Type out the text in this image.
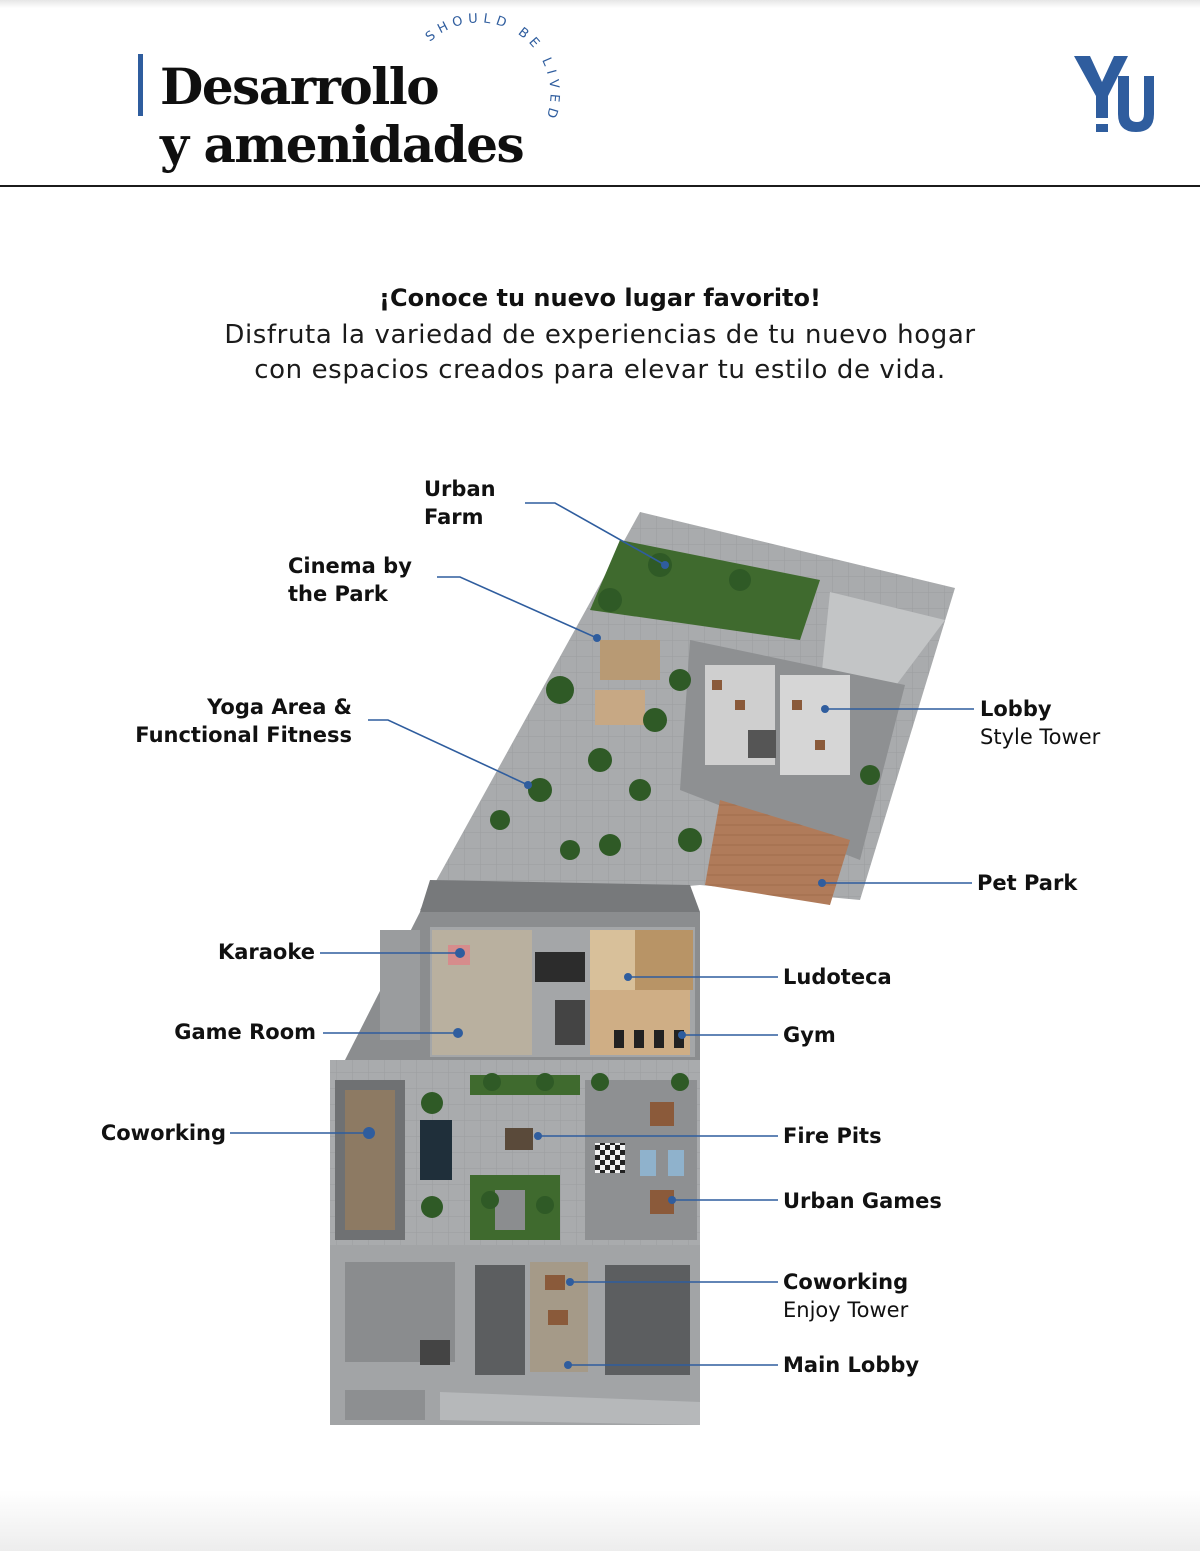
Desarrollo
y amenidades
SHOULD BE LIVED
¡Conoce tu nuevo lugar favorito!
Disfruta la variedad de experiencias de tu nuevo hogar
con espacios creados para elevar tu estilo de vida.
Urban
Farm
Cinema by
the Park
Yoga Area &
Functional Fitness
Lobby
Style Tower
Pet Park
Karaoke
Ludoteca
Game Room	Gym
Coworking	Fire Pits
Urban Games
Coworking
Enjoy Tower
Main Lobby
